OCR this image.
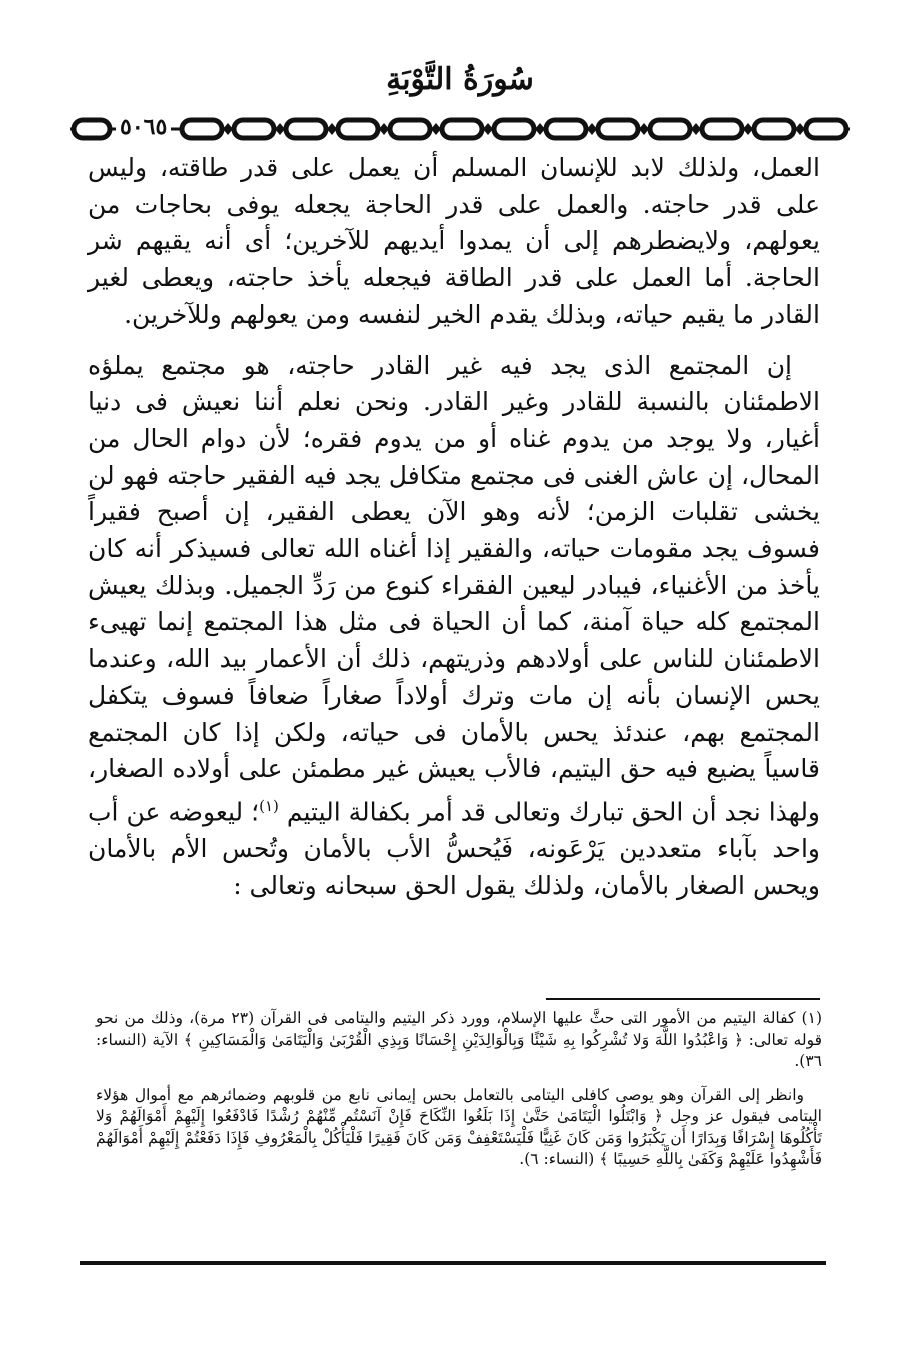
سُورَةُ التَّوْبَةِ
٥٠٦٥

العمل، ولذلك لابد للإنسان المسلم أن يعمل على قدر طاقته، وليس على قدر حاجته. والعمل على قدر الحاجة يجعله يوفى بحاجات من يعولهم، ولايضطرهم إلى أن يمدوا أيديهم للآخرين؛ أى أنه يقيهم شر الحاجة. أما العمل على قدر الطاقة فيجعله يأخذ حاجته، ويعطى لغير القادر ما يقيم حياته، وبذلك يقدم الخير لنفسه ومن يعولهم وللآخرين.

إن المجتمع الذى يجد فيه غير القادر حاجته، هو مجتمع يملؤه الاطمئنان بالنسبة للقادر وغير القادر. ونحن نعلم أننا نعيش فى دنيا أغيار، ولا يوجد من يدوم غناه أو من يدوم فقره؛ لأن دوام الحال من المحال، إن عاش الغنى فى مجتمع متكافل يجد فيه الفقير حاجته فهو لن يخشى تقلبات الزمن؛ لأنه وهو الآن يعطى الفقير، إن أصبح فقيراً فسوف يجد مقومات حياته، والفقير إذا أغناه الله تعالى فسيذكر أنه كان يأخذ من الأغنياء، فيبادر ليعين الفقراء كنوع من رَدِّ الجميل. وبذلك يعيش المجتمع كله حياة آمنة، كما أن الحياة فى مثل هذا المجتمع إنما تهيىء الاطمئنان للناس على أولادهم وذريتهم، ذلك أن الأعمار بيد الله، وعندما يحس الإنسان بأنه إن مات وترك أولاداً صغاراً ضعافاً فسوف يتكفل المجتمع بهم، عندئذ يحس بالأمان فى حياته، ولكن إذا كان المجتمع قاسياً يضيع فيه حق اليتيم، فالأب يعيش غير مطمئن على أولاده الصغار، ولهذا نجد أن الحق تبارك وتعالى قد أمر بكفالة اليتيم $^{(١)}$؛ ليعوضه عن أب واحد بآباء متعددين يَرْعَونه، فَيُحسُّ الأب بالأمان وتُحس الأم بالأمان ويحس الصغار بالأمان، ولذلك يقول الحق سبحانه وتعالى :

(١) كفالة اليتيم من الأمور التى حثَّ عليها الإسلام، وورد ذكر اليتيم واليتامى فى القرآن (٢٣ مرة)، وذلك من نحو قوله تعالى: ﴿ وَاعْبُدُوا اللَّهَ وَلا تُشْرِكُوا بِهِ شَيْئًا وَبِالْوَالِدَيْنِ إِحْسَانًا وَبِذِي الْقُرْبَىٰ وَالْيَتَامَىٰ وَالْمَسَاكِينِ ﴾ الآية (النساء: ٣٦).

وانظر إلى القرآن وهو يوصى كافلى اليتامى بالتعامل بحس إيمانى نابع من قلوبهم وضمائرهم مع أموال هؤلاء اليتامى فيقول عز وجل ﴿ وَابْتَلُوا الْيَتَامَىٰ حَتَّىٰ إِذَا بَلَغُوا النِّكَاحَ فَإِنْ آنَسْتُم مِّنْهُمْ رُشْدًا فَادْفَعُوا إِلَيْهِمْ أَمْوَالَهُمْ وَلا تَأْكُلُوهَا إِسْرَافًا وَبِدَارًا أَن يَكْبَرُوا وَمَن كَانَ غَنِيًّا فَلْيَسْتَعْفِفْ وَمَن كَانَ فَقِيرًا فَلْيَأْكُلْ بِالْمَعْرُوفِ فَإِذَا دَفَعْتُمْ إِلَيْهِمْ أَمْوَالَهُمْ فَأَشْهِدُوا عَلَيْهِمْ وَكَفَىٰ بِاللَّهِ حَسِيبًا ﴾ (النساء: ٦).
